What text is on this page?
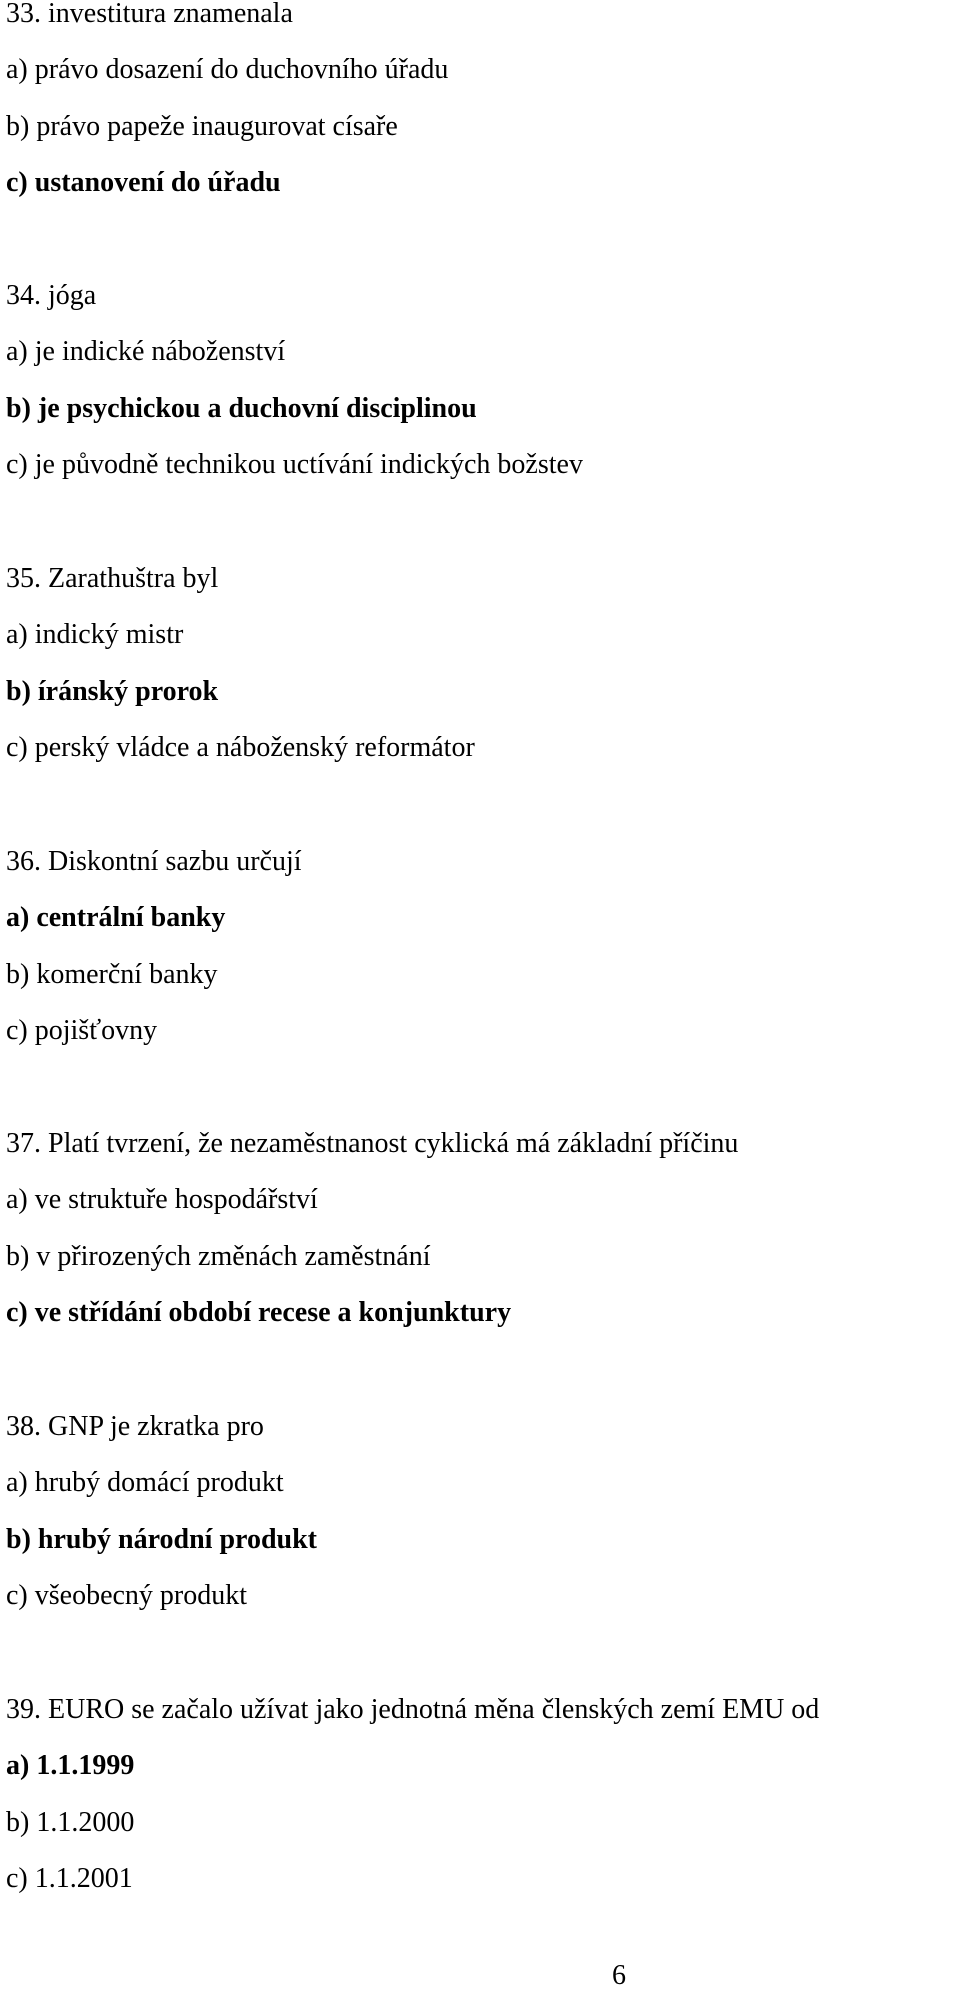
33. investitura znamenala
a) právo dosazení do duchovního úřadu
b) právo papeže inaugurovat císaře
c) ustanovení do úřadu
34. jóga
a) je indické náboženství
b) je psychickou a duchovní disciplinou
c) je původně technikou uctívání indických božstev
35. Zarathuštra byl
a) indický mistr
b) íránský prorok
c) perský vládce a náboženský reformátor
36. Diskontní sazbu určují
a) centrální banky
b) komerční banky
c) pojišťovny
37. Platí tvrzení, že nezaměstnanost cyklická má základní příčinu
a) ve struktuře hospodářství
b) v přirozených změnách zaměstnání
c) ve střídání období recese a konjunktury
38. GNP je zkratka pro
a) hrubý domácí produkt
b) hrubý národní produkt
c) všeobecný produkt
39. EURO se začalo užívat jako jednotná měna členských zemí EMU od
a) 1.1.1999
b) 1.1.2000
c) 1.1.2001
6
